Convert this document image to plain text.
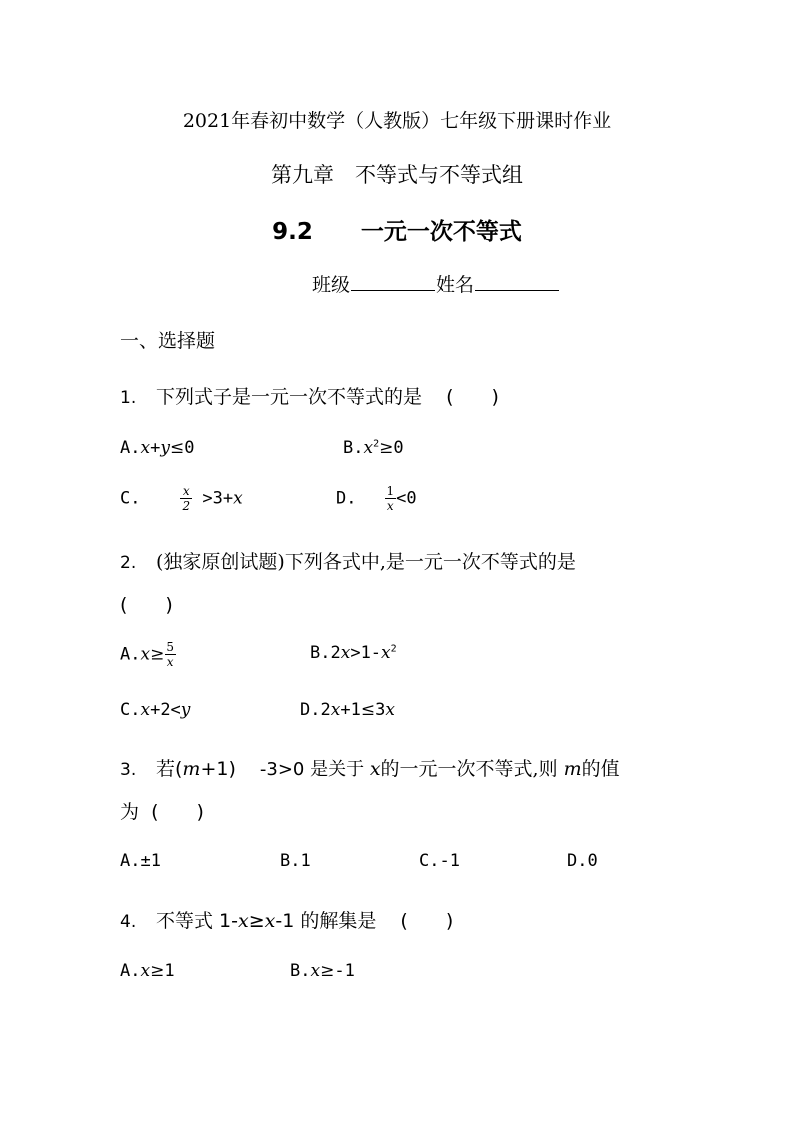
2021年春初中数学（人教版）七年级下册课时作业
第九章　不等式与不等式组
9.2 一元一次不等式
班级	姓名
一、选择题
1. 下列式子是一元一次不等式的是 (　　)
A.x+y≤0	$B.x^2\ge 0$
C.	$\frac{x}{2} >3+x$	D. $\frac{1}{x} <0$
2. (独家原创试题)下列各式中,是一元一次不等式的是
(　　)
$A.x\ge \frac{5}{x}$	$B.2x>1-x^2$
C.x+2<y	D.2x+1≤3x
3. 若(m+1) -3>0 是关于 x的一元一次不等式,则 m的值
为 (　　)
A.±1	B.1	C.-1	D.0
4. 不等式 1-x≥x-1 的解集是 (　　)
A.x≥1	B.x≥-1
